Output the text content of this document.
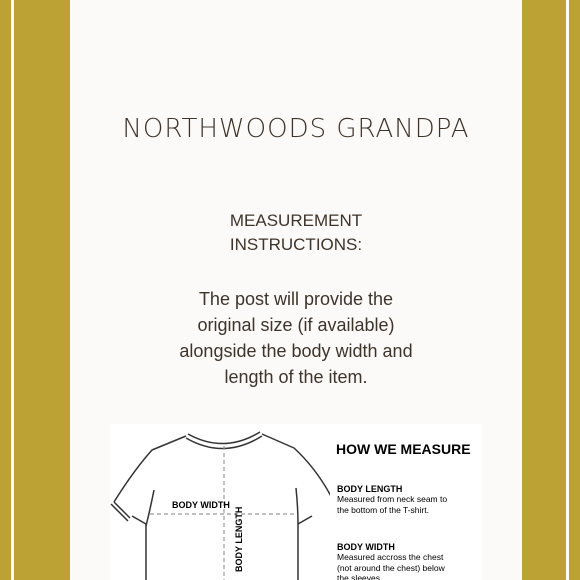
NORTHWOODS GRANDPA
MEASUREMENT
INSTRUCTIONS:
The post will provide the
original size (if available)
alongside the body width and
length of the item.
BODY WIDTH
BODY LENGTH
HOW WE MEASURE
BODY LENGTH
Measured from neck seam to
the bottom of the T-shirt.
BODY WIDTH
Measured accross the chest
(not around the chest) below
the sleeves
